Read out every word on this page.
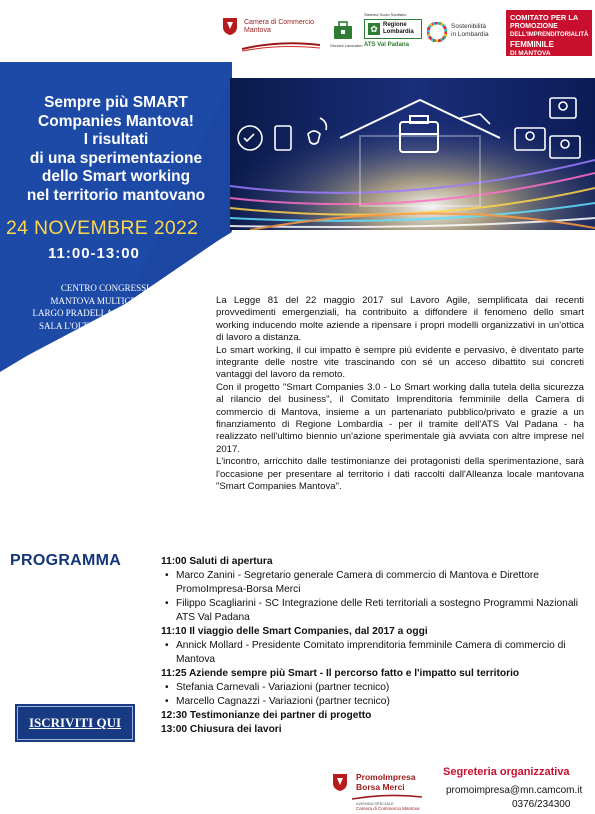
Camera di Commercio
Mantova
Giovani Lavoratori
Sistema Socio Sanitario
✿ Regione
Lombardia
ATS Val Padana
Sostenibilità
in Lombardia
COMITATO PER LA
PROMOZIONE
DELL'IMPRENDITORIALITÀ
FEMMINILE
DI MANTOVA
Sempre più SMART
Companies Mantova!
I risultati
di una sperimentazione
dello Smart working
nel territorio mantovano
24 NOVEMBRE 2022
11:00-13:00
CENTRO CONGRESSI
MANTOVA MULTICENTRE
LARGO PRADELLA 1/B -MANTOVA
SALA L'OLTREPO MANTOVANO

La Legge 81 del 22 maggio 2017 sul Lavoro Agile, semplificata dai recenti provvedimenti emergenziali, ha contribuito a diffondere il fenomeno dello smart working inducendo molte aziende a ripensare i propri modelli organizzativi in un'ottica di lavoro a distanza.

Lo smart working, il cui impatto è sempre più evidente e pervasivo, è diventato parte integrante delle nostre vite trascinando con sé un acceso dibattito sui concreti vantaggi del lavoro da remoto.

Con il progetto "Smart Companies 3.0 - Lo Smart working dalla tutela della sicurezza al rilancio del business", il Comitato Imprenditoria femminile della Camera di commercio di Mantova, insieme a un partenariato pubblico/privato e grazie a un finanziamento di Regione Lombardia - per il tramite dell'ATS Val Padana - ha realizzato nell'ultimo biennio un'azione sperimentale già avviata con altre imprese nel 2017.

L'incontro, arricchito dalle testimonianze dei protagonisti della sperimentazione, sarà l'occasione per presentare al territorio i dati raccolti dall'Alleanza locale mantovana "Smart Companies Mantova".

PROGRAMMA	11:00 Saluti di apertura
• Marco Zanini - Segretario generale Camera di commercio di Mantova e Direttore PromoImpresa-Borsa Merci
• Filippo Scagliarini - SC Integrazione delle Reti territoriali a sostegno Programmi Nazionali ATS Val Padana
11:10 Il viaggio delle Smart Companies, dal 2017 a oggi
• Annick Mollard - Presidente Comitato imprenditoria femminile Camera di commercio di Mantova
11:25 Aziende sempre più Smart - Il percorso fatto e l'impatto sul territorio
• Stefania Carnevali - Variazioni (partner tecnico)
• Marcello Cagnazzi - Variazioni (partner tecnico)
12:30 Testimonianze dei partner di progetto
13:00 Chiusura dei lavori
ISCRIVITI QUI
PromoImpresa
Borsa Merci
AZIENDA SPECIALE
Camera di Commercio Mantova
Segreteria organizzativa
promoimpresa@mn.camcom.it
0376/234300
